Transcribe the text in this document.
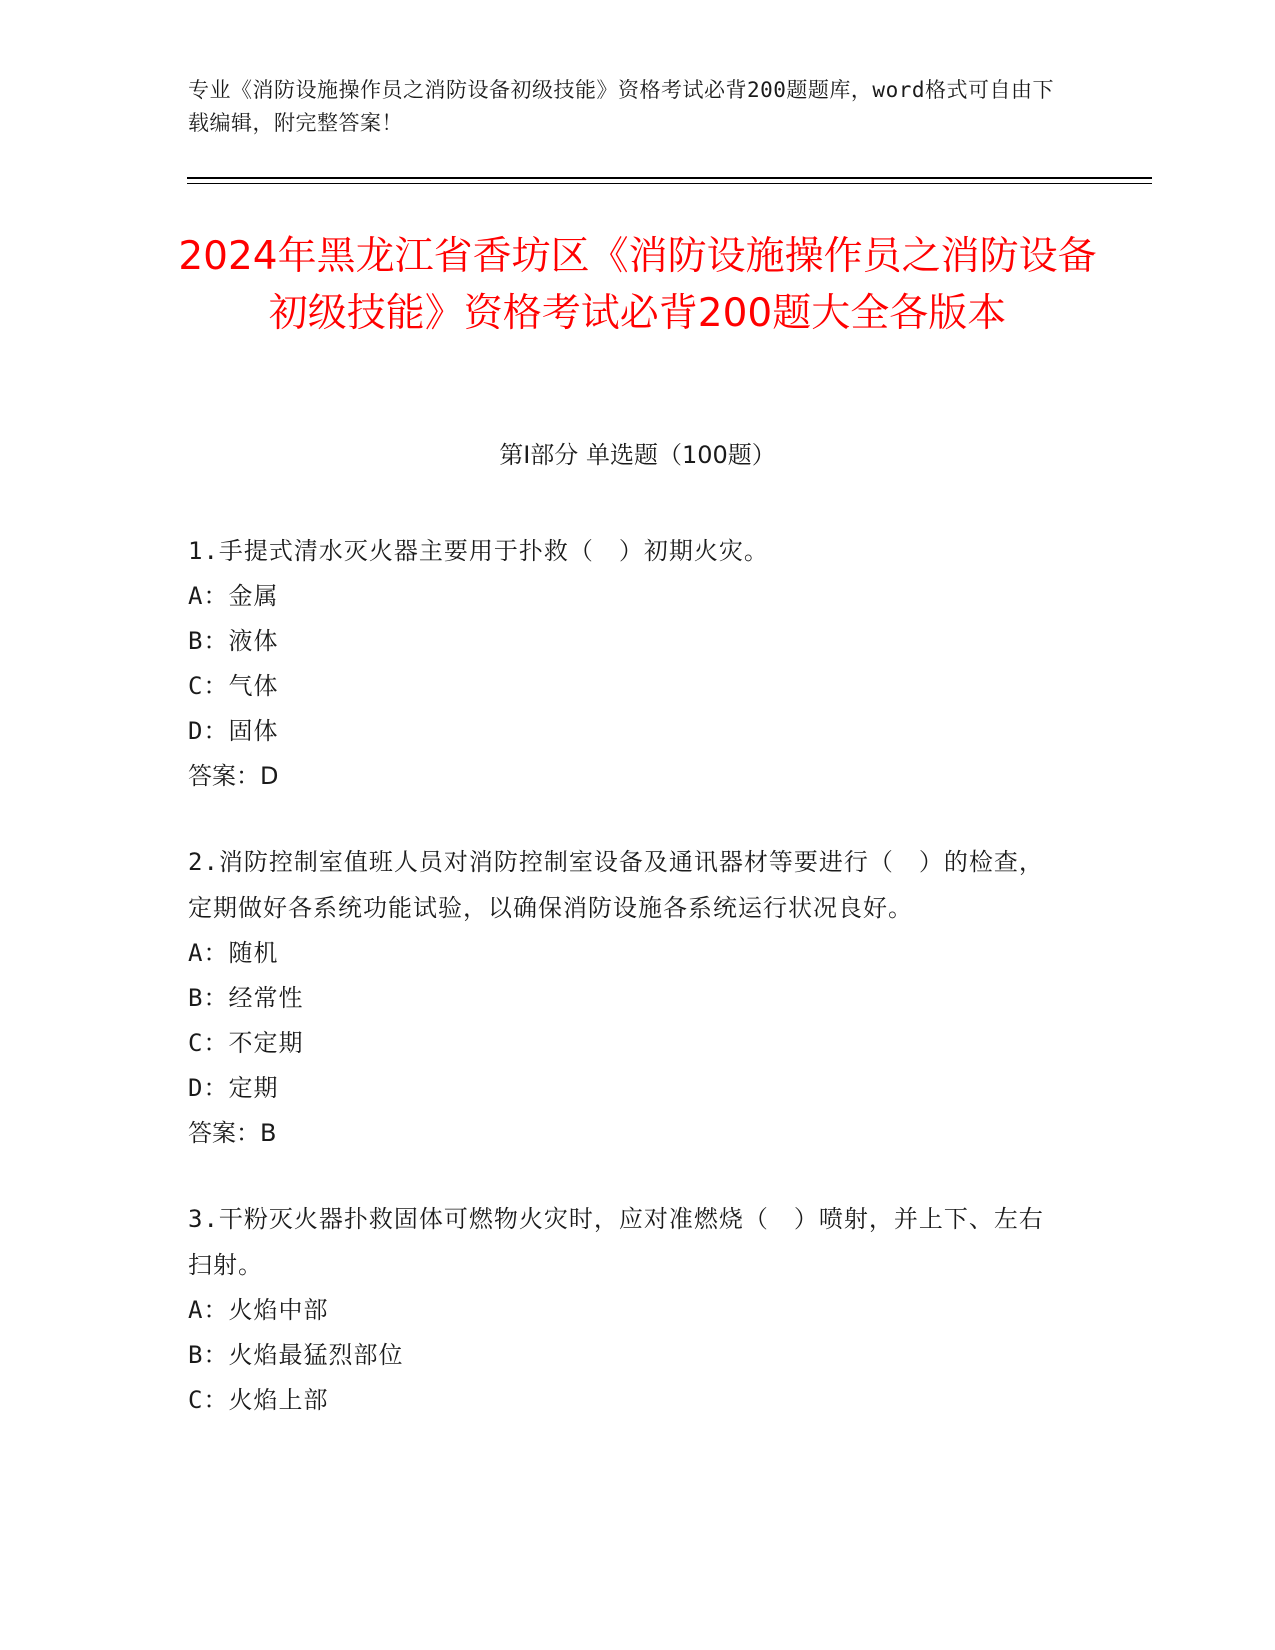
专业《消防设施操作员之消防设备初级技能》资格考试必背200题题库，word格式可自由下载编辑，附完整答案！
2024年黑龙江省香坊区《消防设施操作员之消防设备初级技能》资格考试必背200题大全各版本
第Ⅰ部分 单选题（100题）
1.手提式清水灭火器主要用于扑救（　）初期火灾。
A：金属
B：液体
C：气体
D：固体
答案：D
2.消防控制室值班人员对消防控制室设备及通讯器材等要进行（　）的检查，定期做好各系统功能试验，以确保消防设施各系统运行状况良好。
A：随机
B：经常性
C：不定期
D：定期
答案：B
3.干粉灭火器扑救固体可燃物火灾时，应对准燃烧（　）喷射，并上下、左右扫射。
A：火焰中部
B：火焰最猛烈部位
C：火焰上部
